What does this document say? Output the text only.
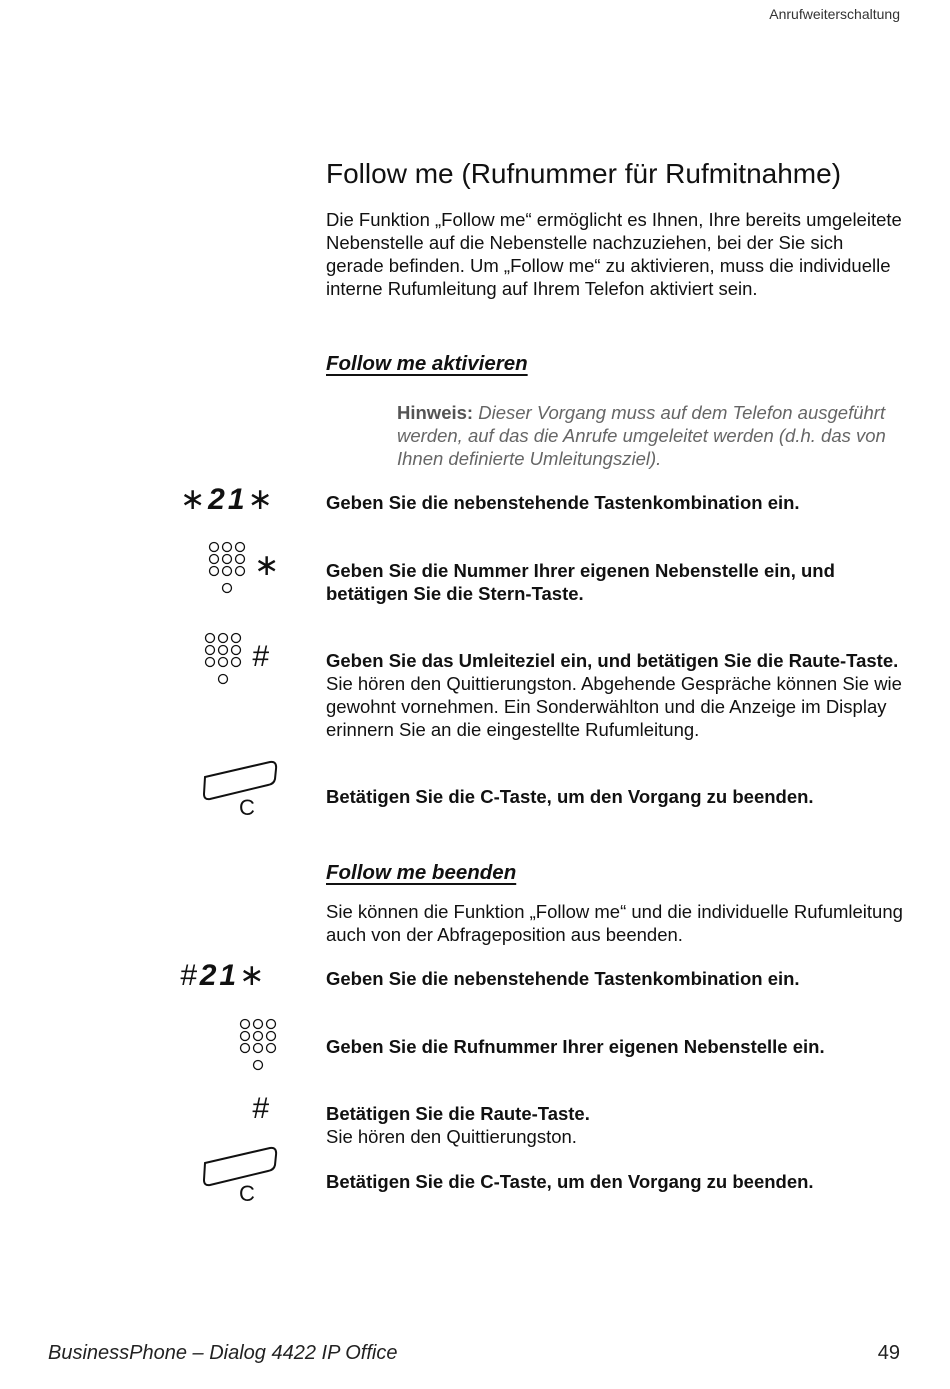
Anrufweiterschaltung
Follow me (Rufnummer für Rufmitnahme)

Die Funktion „Follow me“ ermöglicht es Ihnen, Ihre bereits umgeleitete Nebenstelle auf die Nebenstelle nachzuziehen, bei der Sie sich gerade befinden. Um „Follow me“ zu aktivieren, muss die individuelle interne Rufumleitung auf Ihrem Telefon aktiviert sein.

Follow me aktivieren
Hinweis: Dieser Vorgang muss auf dem Telefon ausgeführt werden, auf das die Anrufe umgeleitet werden (d.h. das von Ihnen definierte Umleitungsziel).
∗21∗	Geben Sie die nebenstehende Tastenkombination ein.
∗	Geben Sie die Nummer Ihrer eigenen Nebenstelle ein, und betätigen Sie die Stern-Taste.
#	Geben Sie das Umleiteziel ein, und betätigen Sie die Raute-Taste.
Sie hören den Quittierungston. Abgehende Gespräche können Sie wie gewohnt vornehmen. Ein Sonderwählton und die Anzeige im Display erinnern Sie an die eingestellte Rufumleitung.
C	Betätigen Sie die C-Taste, um den Vorgang zu beenden.
Follow me beenden

Sie können die Funktion „Follow me“ und die individuelle Rufumleitung auch von der Abfrageposition aus beenden.

#21∗	Geben Sie die nebenstehende Tastenkombination ein.
Geben Sie die Rufnummer Ihrer eigenen Nebenstelle ein.
#	Betätigen Sie die Raute-Taste.
Sie hören den Quittierungston.
C	Betätigen Sie die C-Taste, um den Vorgang zu beenden.
BusinessPhone – Dialog 4422 IP Office	49
